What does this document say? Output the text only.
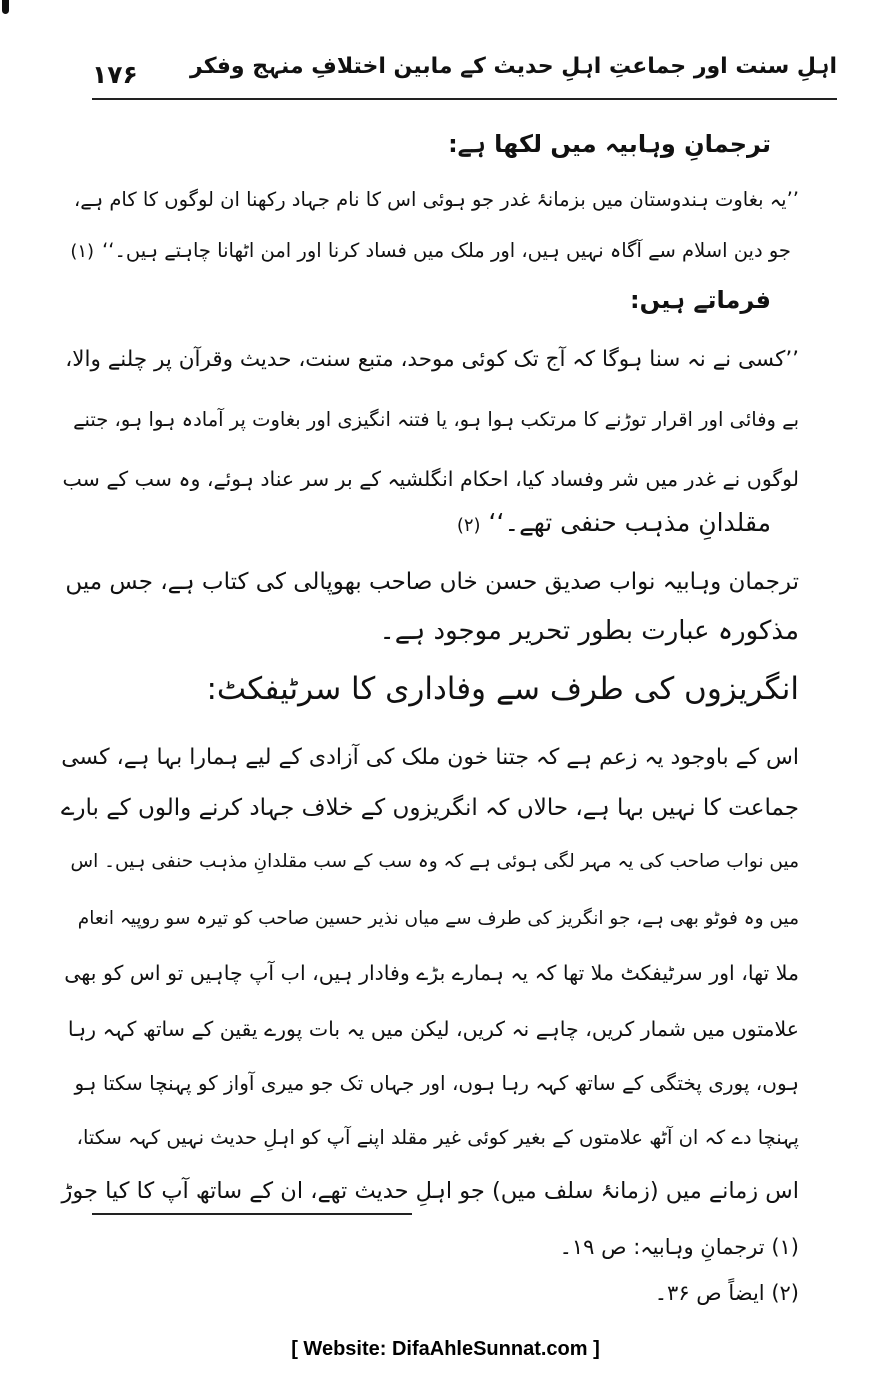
اہلِ سنت اور جماعتِ اہلِ حدیث کے مابین اختلافِ منہج وفکر
۱۷۶
ترجمانِ وہابیہ میں لکھا ہے:
’’یہ بغاوت ہندوستان میں بزمانۂ غدر جو ہوئی اس کا نام جہاد رکھنا ان لوگوں کا کام ہے،
جو دین اسلام سے آگاہ نہیں ہیں، اور ملک میں فساد کرنا اور امن اٹھانا چاہتے ہیں۔‘‘(۱)
فرماتے ہیں:
’’کسی نے نہ سنا ہوگا کہ آج تک کوئی موحد، متبع سنت، حدیث وقرآن پر چلنے والا،
بے وفائی اور اقرار توڑنے کا مرتکب ہوا ہو، یا فتنہ انگیزی اور بغاوت پر آمادہ ہوا ہو، جتنے
لوگوں نے غدر میں شر وفساد کیا، احکام انگلشیہ کے بر سر عناد ہوئے، وہ سب کے سب
مقلدانِ مذہب حنفی تھے۔‘‘(۲)
ترجمان وہابیہ نواب صدیق حسن خاں صاحب بھوپالی کی کتاب ہے، جس میں
مذکورہ عبارت بطور تحریر موجود ہے۔
انگریزوں کی طرف سے وفاداری کا سرٹیفکٹ:
اس کے باوجود یہ زعم ہے کہ جتنا خون ملک کی آزادی کے لیے ہمارا بہا ہے، کسی
جماعت کا نہیں بہا ہے، حالاں کہ انگریزوں کے خلاف جہاد کرنے والوں کے بارے
میں نواب صاحب کی یہ مہر لگی ہوئی ہے کہ وہ سب کے سب مقلدانِ مذہب حنفی ہیں۔ اس
میں وہ فوٹو بھی ہے، جو انگریز کی طرف سے میاں نذیر حسین صاحب کو تیرہ سو روپیہ انعام
ملا تھا، اور سرٹیفکٹ ملا تھا کہ یہ ہمارے بڑے وفادار ہیں، اب آپ چاہیں تو اس کو بھی
علامتوں میں شمار کریں، چاہے نہ کریں، لیکن میں یہ بات پورے یقین کے ساتھ کہہ رہا
ہوں، پوری پختگی کے ساتھ کہہ رہا ہوں، اور جہاں تک جو میری آواز کو پہنچا سکتا ہو
پہنچا دے کہ ان آٹھ علامتوں کے بغیر کوئی غیر مقلد اپنے آپ کو اہلِ حدیث نہیں کہہ سکتا،
اس زمانے میں (زمانۂ سلف میں) جو اہلِ حدیث تھے، ان کے ساتھ آپ کا کیا جوڑ
(۱) ترجمانِ وہابیہ: ص ۱۹۔
(۲) ایضاً ص ۳۶۔
[ Website: DifaAhleSunnat.com ]
